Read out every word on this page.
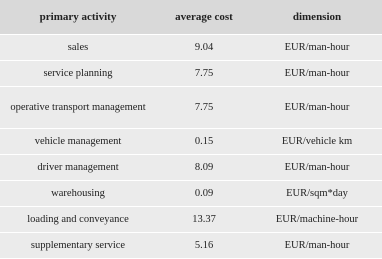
primary activity	average cost	dimension
sales	9.04	EUR/man-hour
service planning	7.75	EUR/man-hour
operative transport management	7.75	EUR/man-hour
vehicle management	0.15	EUR/vehicle km
driver management	8.09	EUR/man-hour
warehousing	0.09	EUR/sqm*day
loading and conveyance	13.37	EUR/machine-hour
supplementary service	5.16	EUR/man-hour
